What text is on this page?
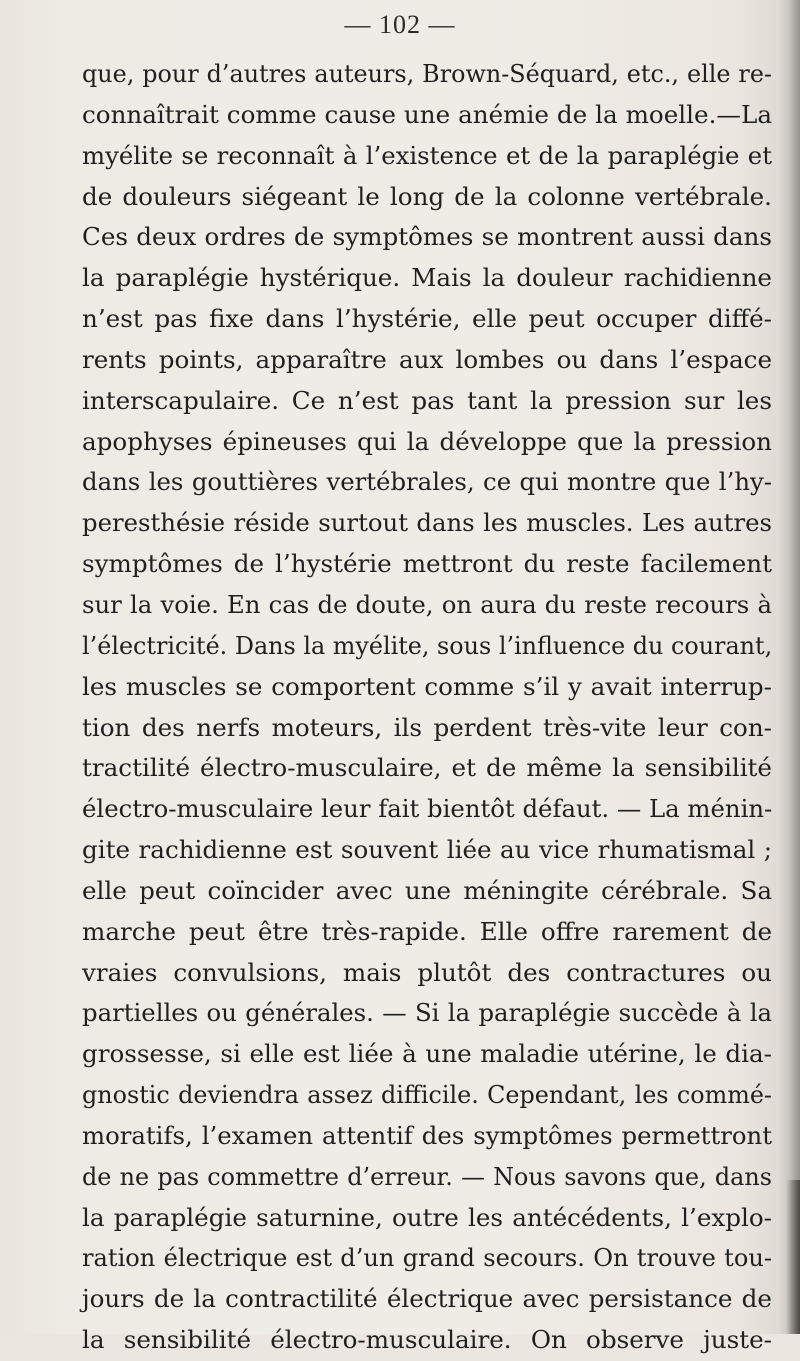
— 102 —
que, pour d’autres auteurs, Brown-Séquard, etc., elle re-
connaîtrait comme cause une anémie de la moelle.—La
myélite se reconnaît à l’existence et de la paraplégie et
de douleurs siégeant le long de la colonne vertébrale.
Ces deux ordres de symptômes se montrent aussi dans
la paraplégie hystérique. Mais la douleur rachidienne
n’est pas fixe dans l’hystérie, elle peut occuper diffé-
rents points, apparaître aux lombes ou dans l’espace
interscapulaire. Ce n’est pas tant la pression sur les
apophyses épineuses qui la développe que la pression
dans les gouttières vertébrales, ce qui montre que l’hy-
peresthésie réside surtout dans les muscles. Les autres
symptômes de l’hystérie mettront du reste facilement
sur la voie. En cas de doute, on aura du reste recours à
l’électricité. Dans la myélite, sous l’influence du courant,
les muscles se comportent comme s’il y avait interrup-
tion des nerfs moteurs, ils perdent très-vite leur con-
tractilité électro-musculaire, et de même la sensibilité
électro-musculaire leur fait bientôt défaut. — La ménin-
gite rachidienne est souvent liée au vice rhumatismal ;
elle peut coïncider avec une méningite cérébrale. Sa
marche peut être très-rapide. Elle offre rarement de
vraies convulsions, mais plutôt des contractures ou
partielles ou générales. — Si la paraplégie succède à la
grossesse, si elle est liée à une maladie utérine, le dia-
gnostic deviendra assez difficile. Cependant, les commé-
moratifs, l’examen attentif des symptômes permettront
de ne pas commettre d’erreur. — Nous savons que, dans
la paraplégie saturnine, outre les antécédents, l’explo-
ration électrique est d’un grand secours. On trouve tou-
jours de la contractilité électrique avec persistance de
la sensibilité électro-musculaire. On observe juste-
